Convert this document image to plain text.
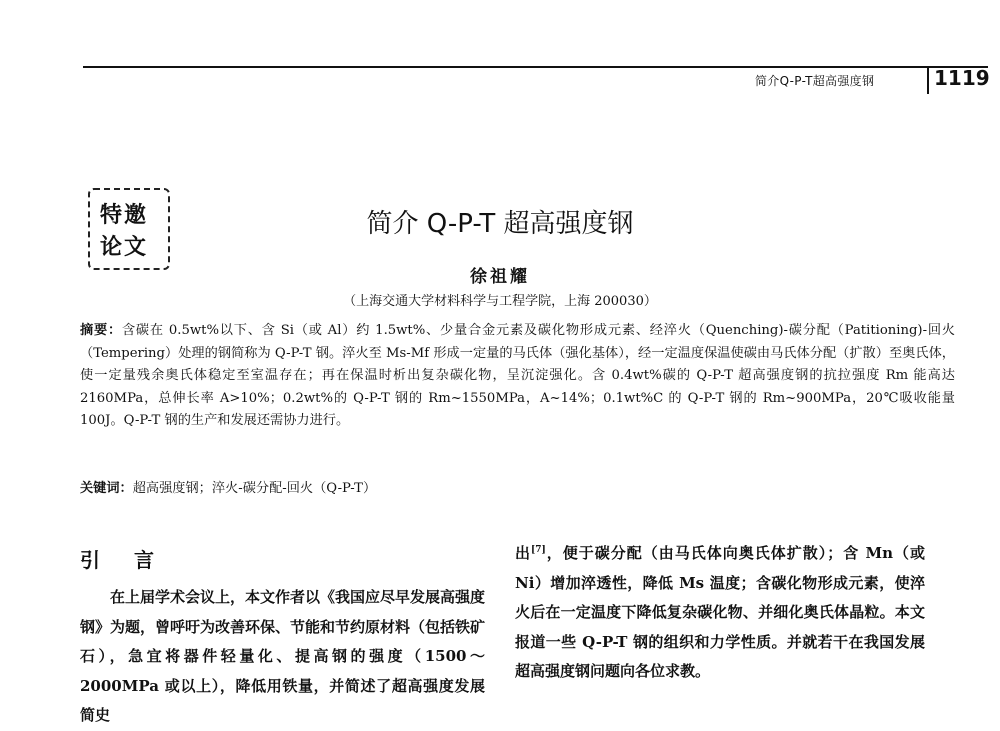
简介Q-P-T超高强度钢	1119
特邀
论文
简介 Q-P-T 超高强度钢
徐祖耀
（上海交通大学材料科学与工程学院，上海 200030）

摘要：含碳在 0.5wt%以下、含 Si（或 Al）约 1.5wt%、少量合金元素及碳化物形成元素、经淬火（Quenching)-碳分配（Patitioning)-回火（Tempering）处理的钢简称为 Q-P-T 钢。淬火至 Ms-Mf 形成一定量的马氏体（强化基体），经一定温度保温使碳由马氏体分配（扩散）至奥氏体，使一定量残余奥氏体稳定至室温存在；再在保温时析出复杂碳化物，呈沉淀强化。含 0.4wt%碳的 Q-P-T 超高强度钢的抗拉强度 Rm 能高达 2160MPa，总伸长率 A>10%；0.2wt%的 Q-P-T 钢的 Rm~1550MPa，A~14%；0.1wt%C 的 Q-P-T 钢的 Rm~900MPa，20℃吸收能量 100J。Q-P-T 钢的生产和发展还需协力进行。

关键词：超高强度钢；淬火-碳分配-回火（Q-P-T）

引言

在上届学术会议上，本文作者以《我国应尽早发展高强度钢》为题，曾呼吁为改善环保、节能和节约原材料（包括铁矿石），急宜将器件轻量化、提高钢的强度（1500～2000MPa 或以上），降低用铁量，并简述了超高强度发展简史

出[7]，便于碳分配（由马氏体向奥氏体扩散）；含 Mn（或 Ni）增加淬透性，降低 Ms 温度；含碳化物形成元素，使淬火后在一定温度下降低复杂碳化物、并细化奥氏体晶粒。本文报道一些 Q-P-T 钢的组织和力学性质。并就若干在我国发展超高强度钢问题向各位求教。
